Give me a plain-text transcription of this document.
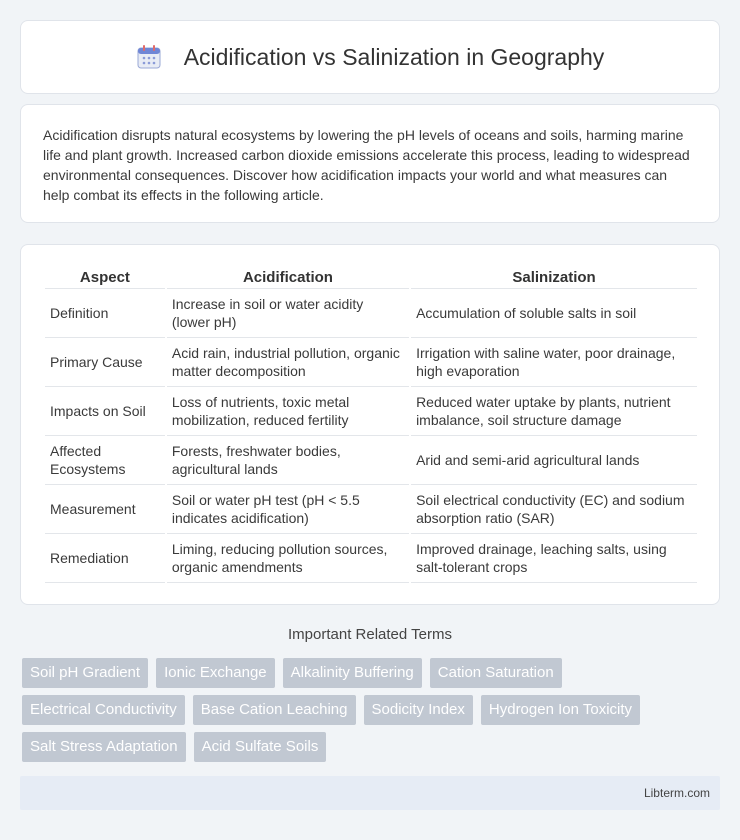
Acidification vs Salinization in Geography

Acidification disrupts natural ecosystems by lowering the pH levels of oceans and soils, harming marine life and plant growth. Increased carbon dioxide emissions accelerate this process, leading to widespread environmental consequences. Discover how acidification impacts your world and what measures can help combat its effects in the following article.

Aspect	Acidification	Salinization
Definition	Increase in soil or water acidity (lower pH)	Accumulation of soluble salts in soil
Primary Cause	Acid rain, industrial pollution, organic matter decomposition	Irrigation with saline water, poor drainage, high evaporation
Impacts on Soil	Loss of nutrients, toxic metal mobilization, reduced fertility	Reduced water uptake by plants, nutrient imbalance, soil structure damage
Affected Ecosystems	Forests, freshwater bodies, agricultural lands	Arid and semi-arid agricultural lands
Measurement	Soil or water pH test (pH < 5.5 indicates acidification)	Soil electrical conductivity (EC) and sodium absorption ratio (SAR)
Remediation	Liming, reducing pollution sources, organic amendments	Improved drainage, leaching salts, using salt-tolerant crops
Important Related Terms
Soil pH Gradient	Ionic Exchange	Alkalinity Buffering	Cation Saturation
Electrical Conductivity	Base Cation Leaching	Sodicity Index	Hydrogen Ion Toxicity
Salt Stress Adaptation	Acid Sulfate Soils
Libterm.com
